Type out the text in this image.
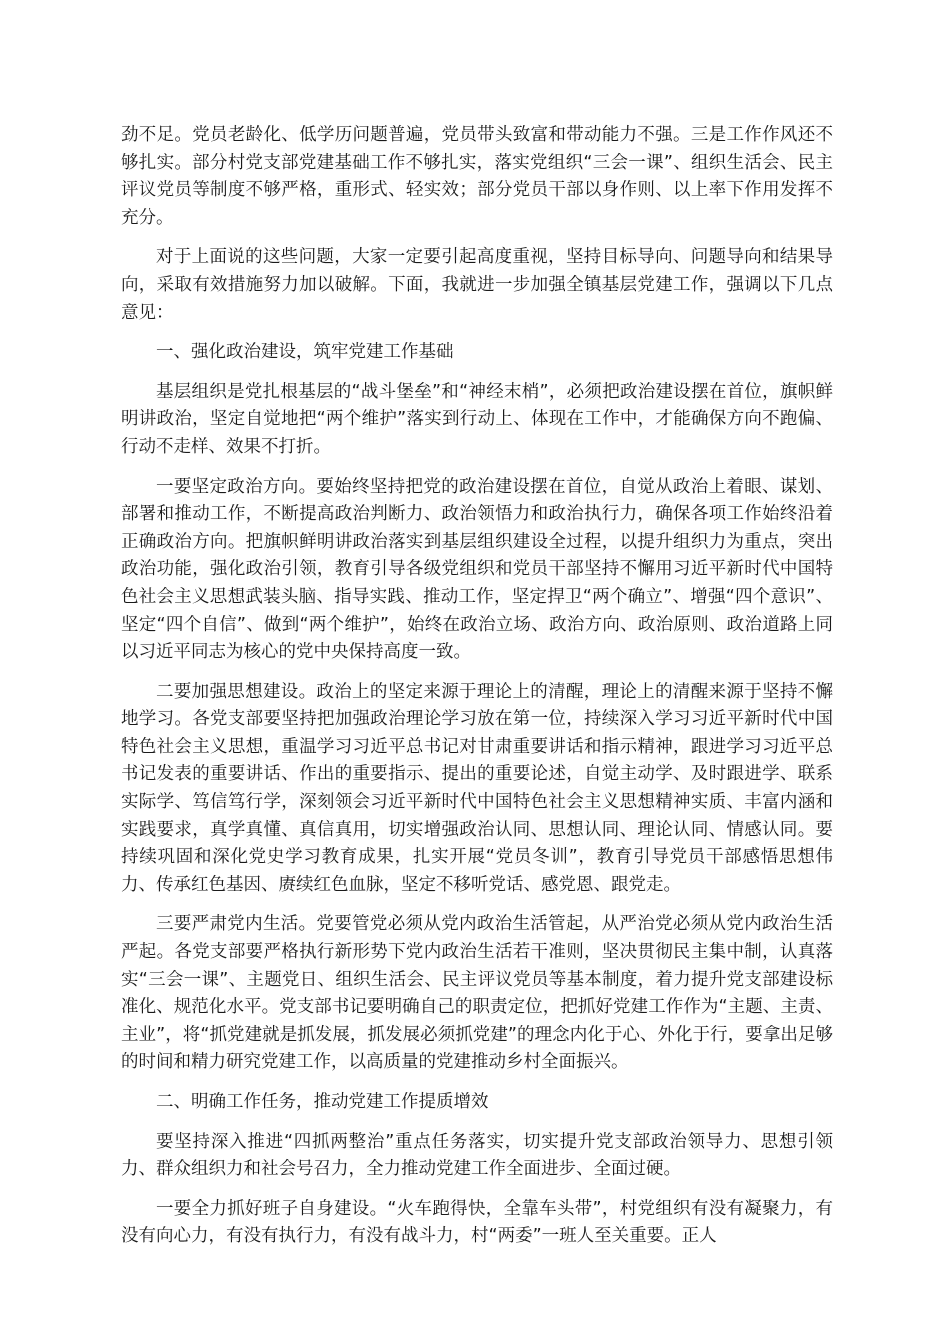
劲不足。党员老龄化、低学历问题普遍，党员带头致富和带动能力不强。三是工作作风还不够扎实。部分村党支部党建基础工作不够扎实，落实党组织“三会一课”、组织生活会、民主评议党员等制度不够严格，重形式、轻实效；部分党员干部以身作则、以上率下作用发挥不充分。

对于上面说的这些问题，大家一定要引起高度重视，坚持目标导向、问题导向和结果导向，采取有效措施努力加以破解。下面，我就进一步加强全镇基层党建工作，强调以下几点意见：

一、强化政治建设，筑牢党建工作基础

基层组织是党扎根基层的“战斗堡垒”和“神经末梢”，必须把政治建设摆在首位，旗帜鲜明讲政治，坚定自觉地把“两个维护”落实到行动上、体现在工作中，才能确保方向不跑偏、行动不走样、效果不打折。

一要坚定政治方向。要始终坚持把党的政治建设摆在首位，自觉从政治上着眼、谋划、部署和推动工作，不断提高政治判断力、政治领悟力和政治执行力，确保各项工作始终沿着正确政治方向。把旗帜鲜明讲政治落实到基层组织建设全过程，以提升组织力为重点，突出政治功能，强化政治引领，教育引导各级党组织和党员干部坚持不懈用习近平新时代中国特色社会主义思想武装头脑、指导实践、推动工作，坚定捍卫“两个确立”、增强“四个意识”、坚定“四个自信”、做到“两个维护”，始终在政治立场、政治方向、政治原则、政治道路上同以习近平同志为核心的党中央保持高度一致。

二要加强思想建设。政治上的坚定来源于理论上的清醒，理论上的清醒来源于坚持不懈地学习。各党支部要坚持把加强政治理论学习放在第一位，持续深入学习习近平新时代中国特色社会主义思想，重温学习习近平总书记对甘肃重要讲话和指示精神，跟进学习习近平总书记发表的重要讲话、作出的重要指示、提出的重要论述，自觉主动学、及时跟进学、联系实际学、笃信笃行学，深刻领会习近平新时代中国特色社会主义思想精神实质、丰富内涵和实践要求，真学真懂、真信真用，切实增强政治认同、思想认同、理论认同、情感认同。要持续巩固和深化党史学习教育成果，扎实开展“党员冬训”，教育引导党员干部感悟思想伟力、传承红色基因、赓续红色血脉，坚定不移听党话、感党恩、跟党走。

三要严肃党内生活。党要管党必须从党内政治生活管起，从严治党必须从党内政治生活严起。各党支部要严格执行新形势下党内政治生活若干准则，坚决贯彻民主集中制，认真落实“三会一课”、主题党日、组织生活会、民主评议党员等基本制度，着力提升党支部建设标准化、规范化水平。党支部书记要明确自己的职责定位，把抓好党建工作作为“主题、主责、主业”，将“抓党建就是抓发展，抓发展必须抓党建”的理念内化于心、外化于行，要拿出足够的时间和精力研究党建工作，以高质量的党建推动乡村全面振兴。

二、明确工作任务，推动党建工作提质增效

要坚持深入推进“四抓两整治”重点任务落实，切实提升党支部政治领导力、思想引领力、群众组织力和社会号召力，全力推动党建工作全面进步、全面过硬。

一要全力抓好班子自身建设。“火车跑得快，全靠车头带”，村党组织有没有凝聚力，有没有向心力，有没有执行力，有没有战斗力，村“两委”一班人至关重要。正人
